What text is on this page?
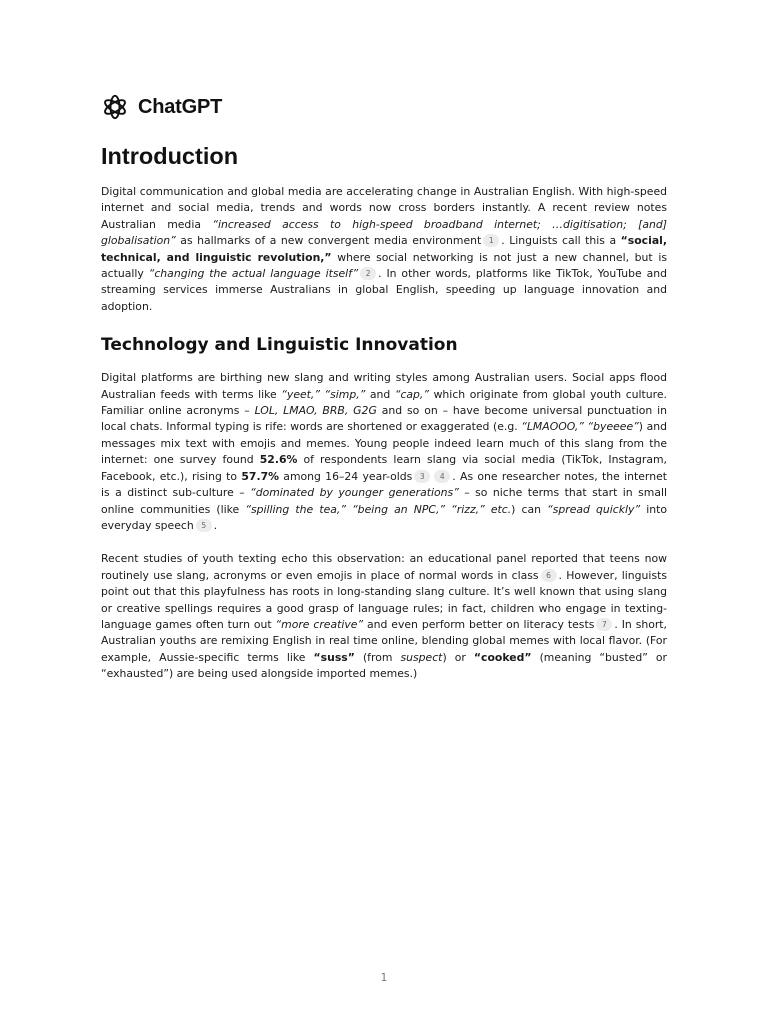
ChatGPT
Introduction

Digital communication and global media are accelerating change in Australian English. With high-speed internet and social media, trends and words now cross borders instantly. A recent review notes Australian media “increased access to high-speed broadband internet; …digitisation; [and] globalisation” as hallmarks of a new convergent media environment 1 . Linguists call this a “social, technical, and linguistic revolution,” where social networking is not just a new channel, but is actually “changing the actual language itself” 2 . In other words, platforms like TikTok, YouTube and streaming services immerse Australians in global English, speeding up language innovation and adoption.

Technology and Linguistic Innovation

Digital platforms are birthing new slang and writing styles among Australian users. Social apps flood Australian feeds with terms like “yeet,” “simp,” and “cap,” which originate from global youth culture. Familiar online acronyms – LOL, LMAO, BRB, G2G and so on – have become universal punctuation in local chats. Informal typing is rife: words are shortened or exaggerated (e.g. “LMAOOO,” “byeeee”) and messages mix text with emojis and memes. Young people indeed learn much of this slang from the internet: one survey found 52.6% of respondents learn slang via social media (TikTok, Instagram, Facebook, etc.), rising to 57.7% among 16–24 year-olds 3 4 . As one researcher notes, the internet is a distinct sub-culture – “dominated by younger generations” – so niche terms that start in small online communities (like “spilling the tea,” “being an NPC,” “rizz,” etc.) can “spread quickly” into everyday speech 5 .

Recent studies of youth texting echo this observation: an educational panel reported that teens now routinely use slang, acronyms or even emojis in place of normal words in class 6 . However, linguists point out that this playfulness has roots in long-standing slang culture. It’s well known that using slang or creative spellings requires a good grasp of language rules; in fact, children who engage in texting-language games often turn out “more creative” and even perform better on literacy tests 7 . In short, Australian youths are remixing English in real time online, blending global memes with local flavor. (For example, Aussie-specific terms like “suss” (from suspect) or “cooked” (meaning “busted” or “exhausted”) are being used alongside imported memes.)

1
